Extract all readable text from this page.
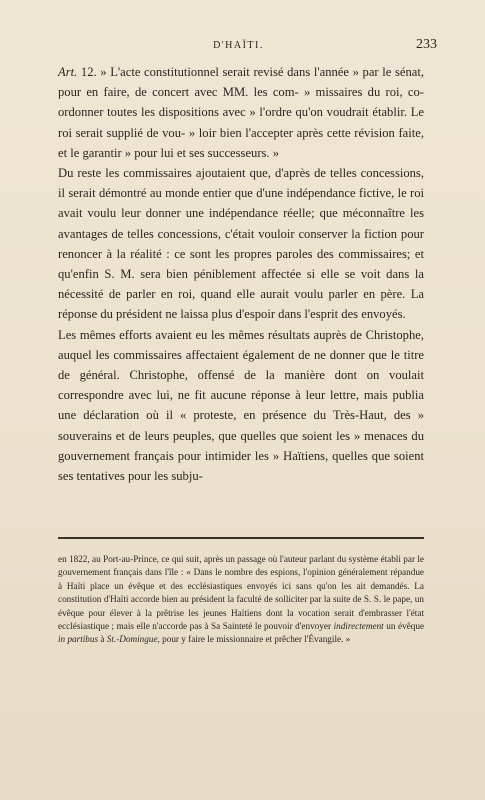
D'HAÏTI.	233

Art. 12. » L'acte constitutionnel serait revisé dans l'année » par le sénat, pour en faire, de concert avec MM. les com- » missaires du roi, co-ordonner toutes les dispositions avec » l'ordre qu'on voudrait établir. Le roi serait supplié de vou- » loir bien l'accepter après cette révision faite, et le garantir » pour lui et ses successeurs. »

Du reste les commissaires ajoutaient que, d'après de telles concessions, il serait démontré au monde entier que d'une indépendance fictive, le roi avait voulu leur donner une indépendance réelle; que méconnaître les avantages de telles concessions, c'était vouloir conserver la fiction pour renoncer à la réalité : ce sont les propres paroles des commissaires; et qu'enfin S. M. sera bien péniblement affectée si elle se voit dans la nécessité de parler en roi, quand elle aurait voulu parler en père. La réponse du président ne laissa plus d'espoir dans l'esprit des envoyés.

Les mêmes efforts avaient eu les mêmes résultats auprès de Christophe, auquel les commissaires affectaient également de ne donner que le titre de général. Christophe, offensé de la manière dont on voulait correspondre avec lui, ne fit aucune réponse à leur lettre, mais publia une déclaration où il « proteste, en présence du Très-Haut, des » souverains et de leurs peuples, que quelles que soient les » menaces du gouvernement français pour intimider les » Haïtiens, quelles que soient ses tentatives pour les subju-

en 1822, au Port-au-Prince, ce qui suit, après un passage où l'auteur parlant du système établi par le gouvernement français dans l'île : « Dans le nombre des espions, l'opinion généralement répandue à Haïti place un évêque et des ecclésiastiques envoyés ici sans qu'on les ait demandés. La constitution d'Haïti accorde bien au président la faculté de solliciter par la suite de S. S. le pape, un évêque pour élever à la prêtrise les jeunes Haïtiens dont la vocation serait d'embrasser l'état ecclésiastique ; mais elle n'accorde pas à Sa Sainteté le pouvoir d'envoyer indirectement un évêque in partibus à St.-Domingue, pour y faire le missionnaire et prêcher l'Évangile. »
